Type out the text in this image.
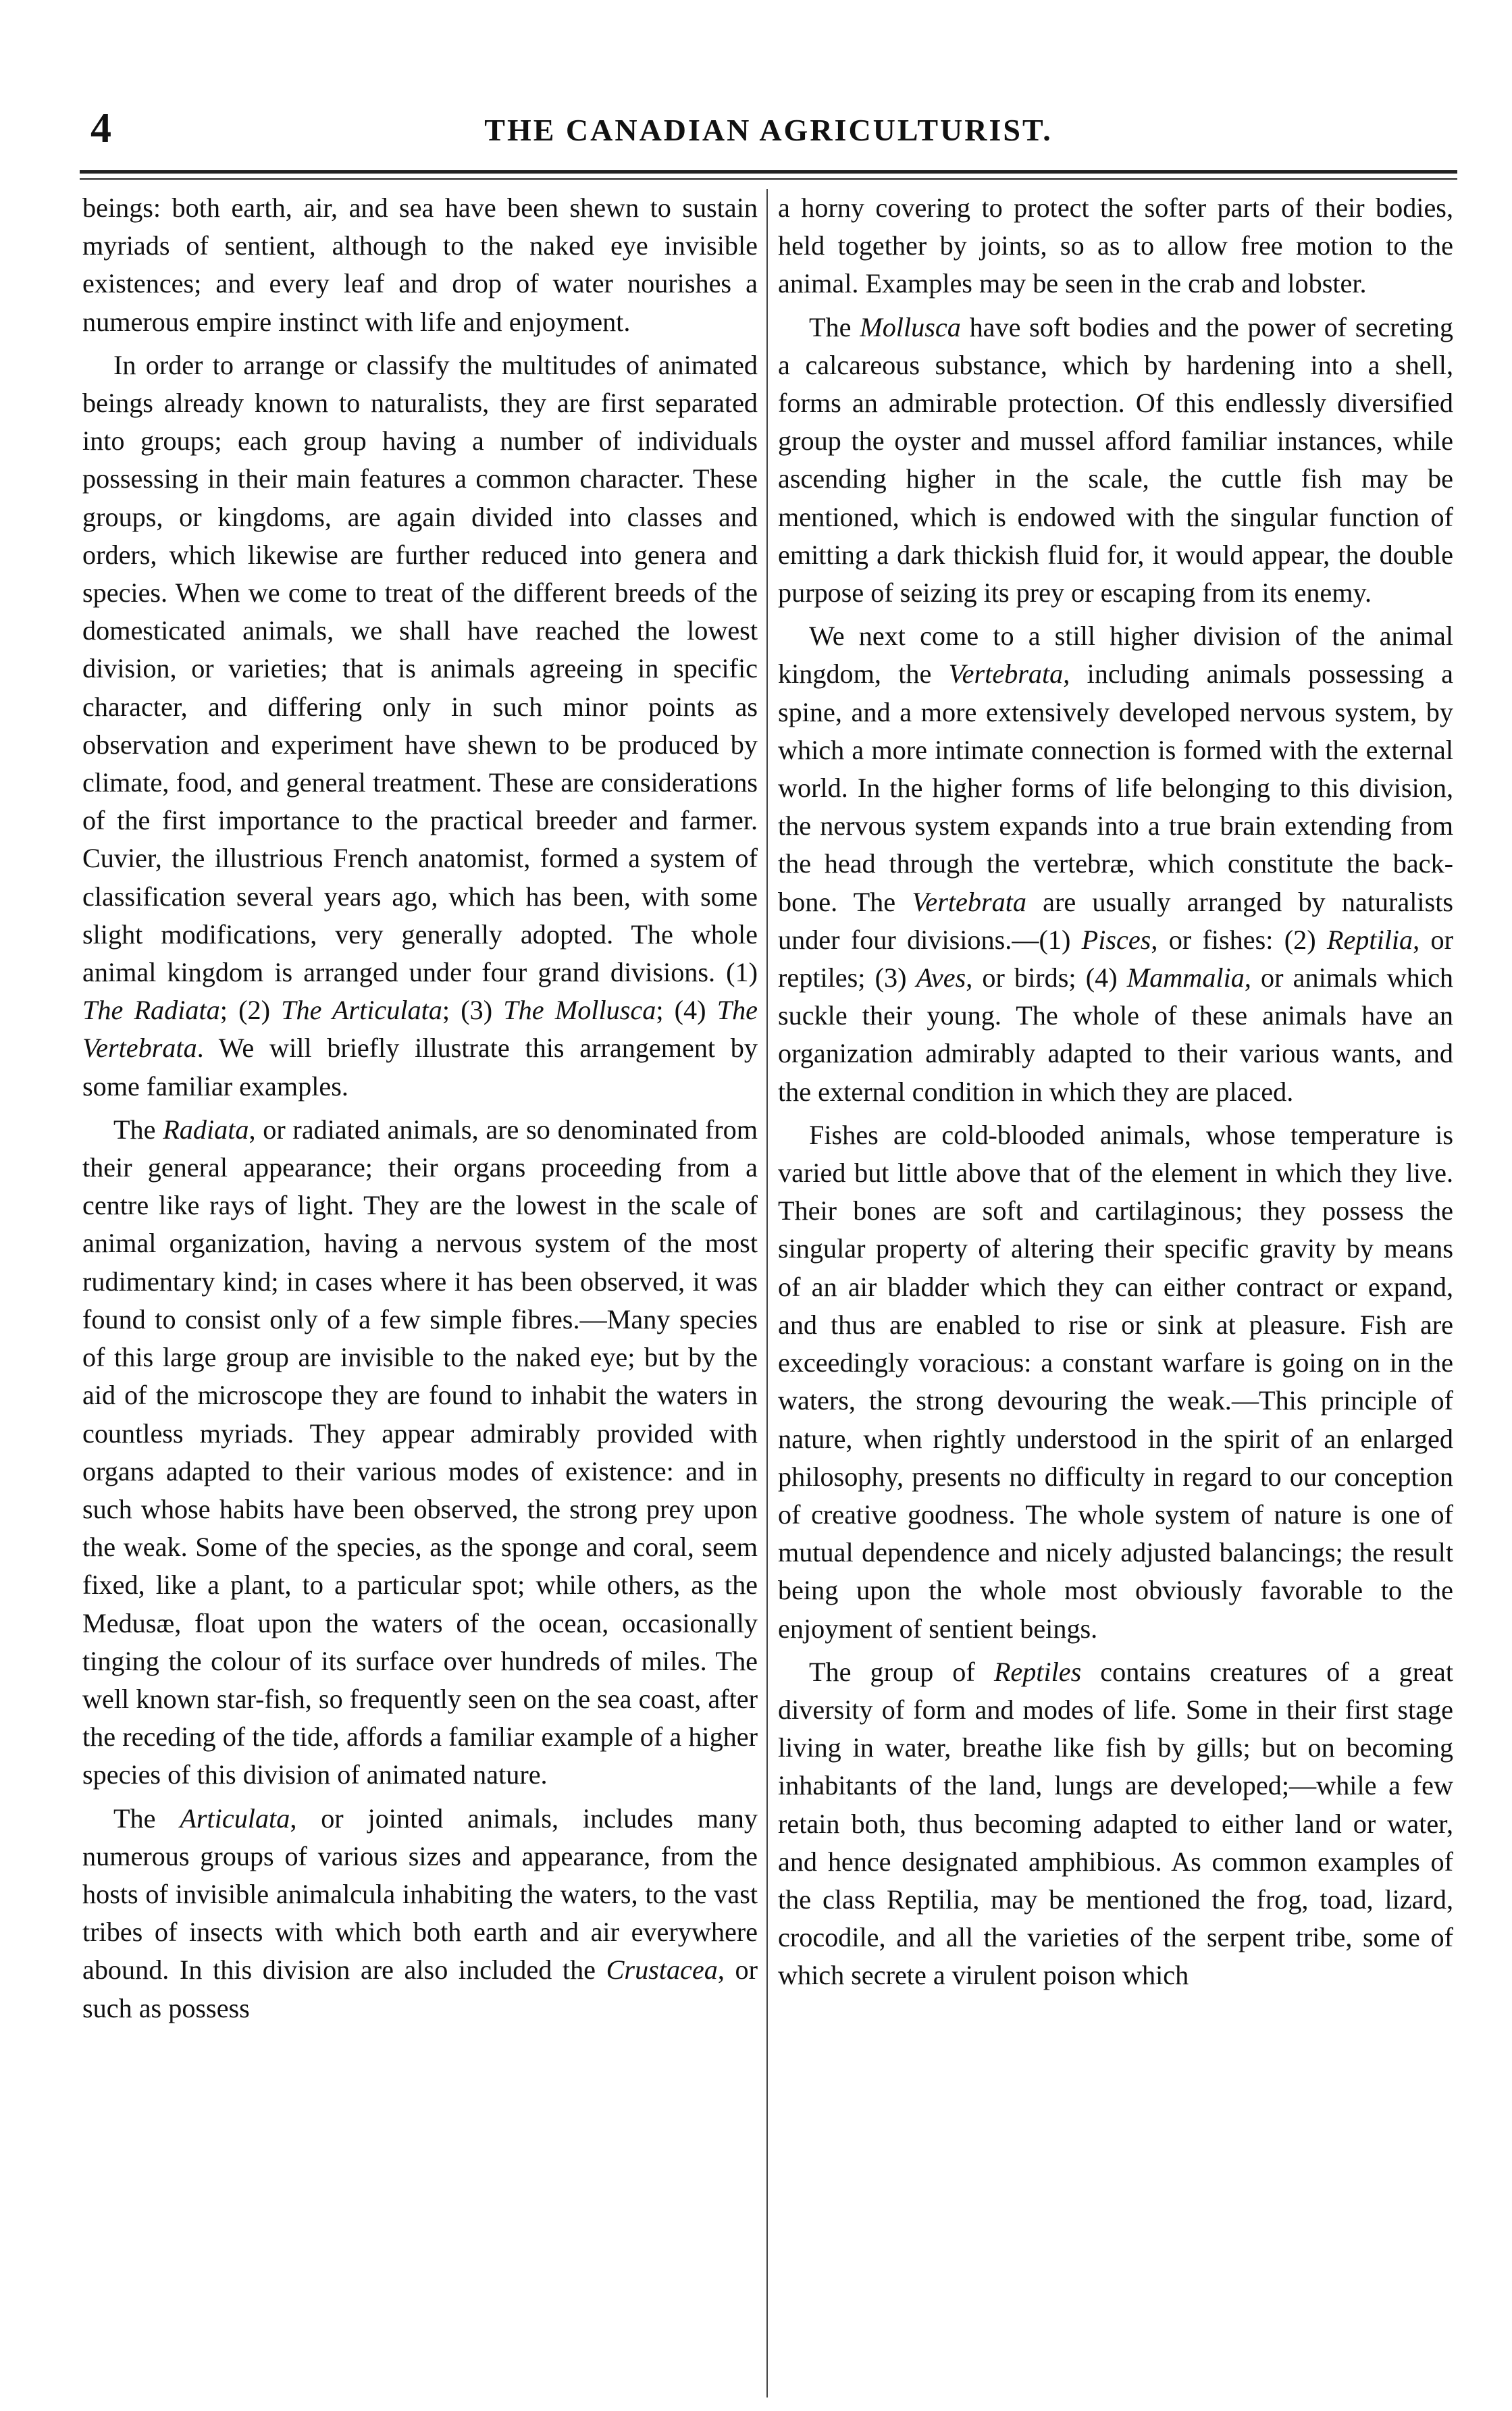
4	THE CANADIAN AGRICULTURIST.

beings: both earth, air, and sea have been shewn to sustain myriads of sentient, although to the naked eye invisible existences; and every leaf and drop of water nourishes a numerous empire instinct with life and enjoyment.

In order to arrange or classify the multitudes of animated beings already known to naturalists, they are first separated into groups; each group having a number of individuals possessing in their main features a common character. These groups, or kingdoms, are again divided into classes and orders, which likewise are further reduced into genera and species. When we come to treat of the different breeds of the domesticated animals, we shall have reached the lowest division, or varieties; that is animals agreeing in specific character, and differing only in such minor points as observation and experiment have shewn to be produced by climate, food, and general treatment. These are considerations of the first importance to the practical breeder and farmer. Cuvier, the illustrious French anatomist, formed a system of classification several years ago, which has been, with some slight modifications, very generally adopted. The whole animal kingdom is arranged under four grand divisions. (1) The Radiata; (2) The Articulata; (3) The Mollusca; (4) The Vertebrata. We will briefly illustrate this arrangement by some familiar examples.

The Radiata, or radiated animals, are so denominated from their general appearance; their organs proceeding from a centre like rays of light. They are the lowest in the scale of animal organization, having a nervous system of the most rudimentary kind; in cases where it has been observed, it was found to consist only of a few simple fibres.—Many species of this large group are invisible to the naked eye; but by the aid of the microscope they are found to inhabit the waters in countless myriads. They appear admirably provided with organs adapted to their various modes of existence: and in such whose habits have been observed, the strong prey upon the weak. Some of the species, as the sponge and coral, seem fixed, like a plant, to a particular spot; while others, as the Medusæ, float upon the waters of the ocean, occasionally tinging the colour of its surface over hundreds of miles. The well known star-fish, so frequently seen on the sea coast, after the receding of the tide, affords a familiar example of a higher species of this division of animated nature.

The Articulata, or jointed animals, includes many numerous groups of various sizes and appearance, from the hosts of invisible animalcula inhabiting the waters, to the vast tribes of insects with which both earth and air everywhere abound. In this division are also included the Crustacea, or such as possess

a horny covering to protect the softer parts of their bodies, held together by joints, so as to allow free motion to the animal. Examples may be seen in the crab and lobster.

The Mollusca have soft bodies and the power of secreting a calcareous substance, which by hardening into a shell, forms an admirable protection. Of this endlessly diversified group the oyster and mussel afford familiar instances, while ascending higher in the scale, the cuttle fish may be mentioned, which is endowed with the singular function of emitting a dark thickish fluid for, it would appear, the double purpose of seizing its prey or escaping from its enemy.

We next come to a still higher division of the animal kingdom, the Vertebrata, including animals possessing a spine, and a more extensively developed nervous system, by which a more intimate connection is formed with the external world. In the higher forms of life belonging to this division, the nervous system expands into a true brain extending from the head through the vertebræ, which constitute the back-bone. The Vertebrata are usually arranged by naturalists under four divisions.—(1) Pisces, or fishes: (2) Reptilia, or reptiles; (3) Aves, or birds; (4) Mammalia, or animals which suckle their young. The whole of these animals have an organization admirably adapted to their various wants, and the external condition in which they are placed.

Fishes are cold-blooded animals, whose temperature is varied but little above that of the element in which they live. Their bones are soft and cartilaginous; they possess the singular property of altering their specific gravity by means of an air bladder which they can either contract or expand, and thus are enabled to rise or sink at pleasure. Fish are exceedingly voracious: a constant warfare is going on in the waters, the strong devouring the weak.—This principle of nature, when rightly understood in the spirit of an enlarged philosophy, presents no difficulty in regard to our conception of creative goodness. The whole system of nature is one of mutual dependence and nicely adjusted balancings; the result being upon the whole most obviously favorable to the enjoyment of sentient beings.

The group of Reptiles contains creatures of a great diversity of form and modes of life. Some in their first stage living in water, breathe like fish by gills; but on becoming inhabitants of the land, lungs are developed;—while a few retain both, thus becoming adapted to either land or water, and hence designated amphibious. As common examples of the class Reptilia, may be mentioned the frog, toad, lizard, crocodile, and all the varieties of the serpent tribe, some of which secrete a virulent poison which
